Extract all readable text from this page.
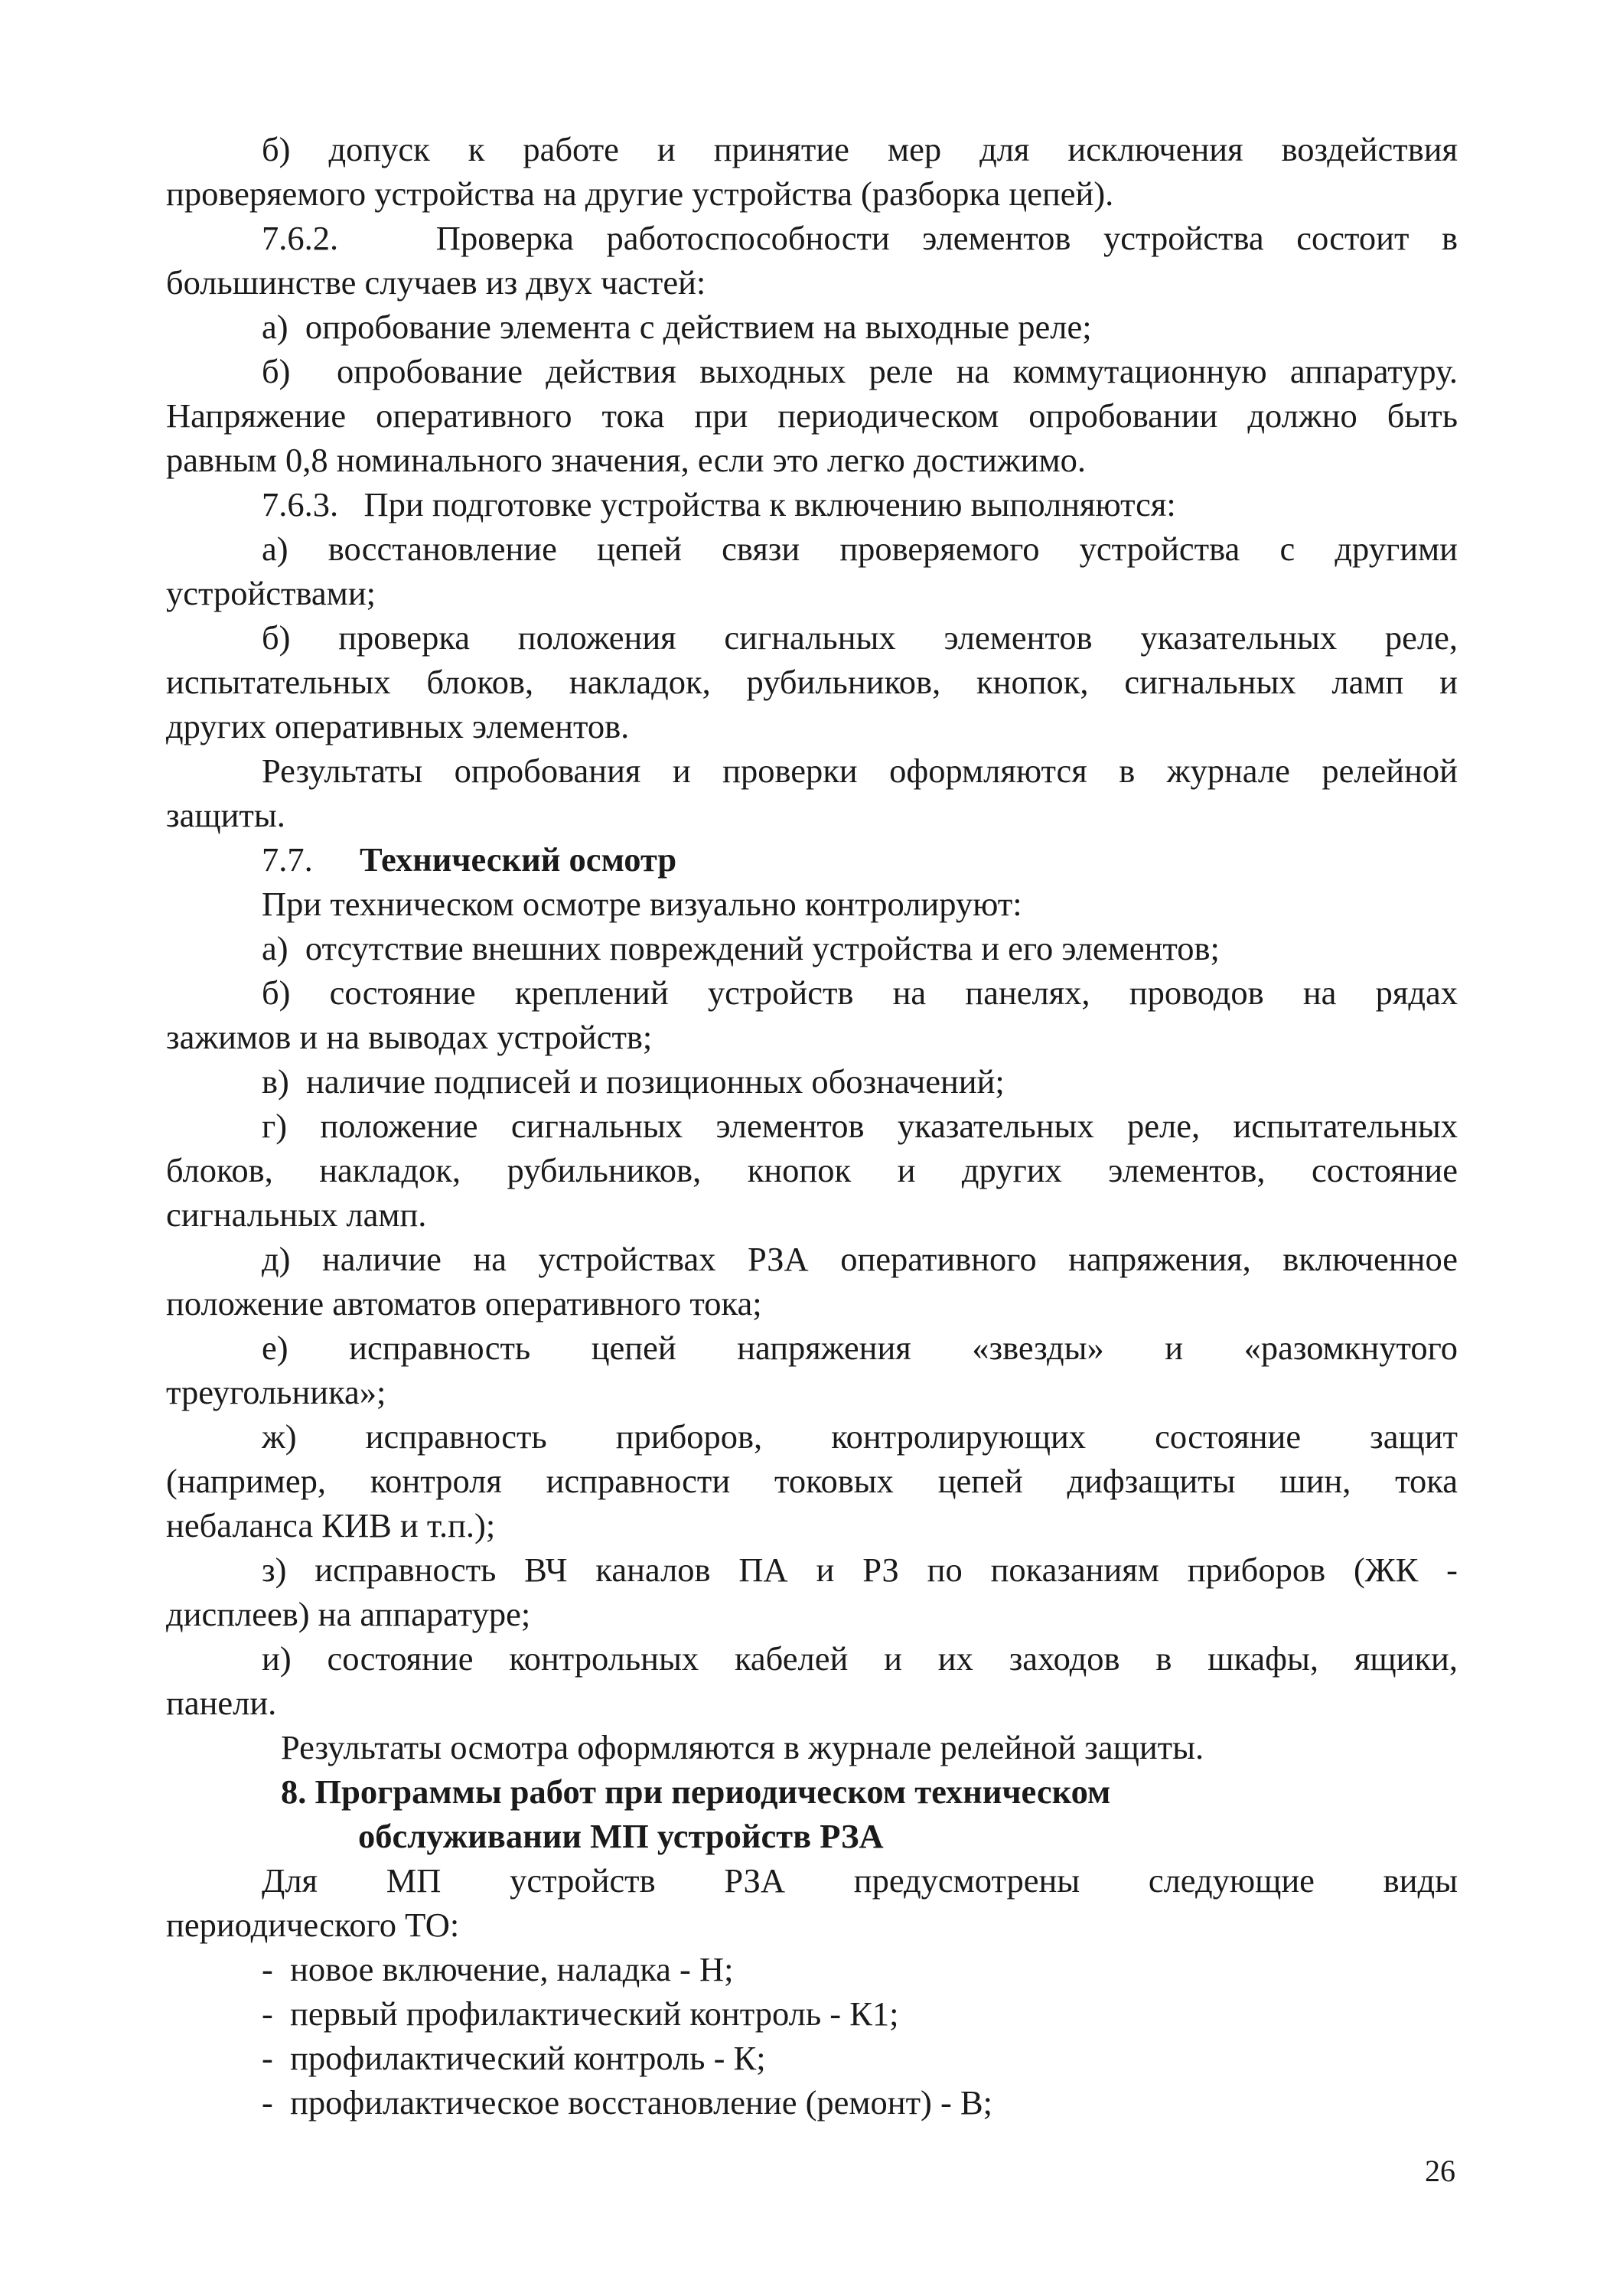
б) допуск к работе и принятие мер для исключения воздействия
проверяемого устройства на другие устройства (разборка цепей).
7.6.2.   Проверка работоспособности элементов устройства состоит в
большинстве случаев из двух частей:
а)  опробование элемента с действием на выходные реле;
б)  опробование действия выходных реле на коммутационную аппаратуру.
Напряжение оперативного тока при периодическом опробовании должно быть
равным 0,8 номинального значения, если это легко достижимо.
7.6.3.   При подготовке устройства к включению выполняются:
а) восстановление цепей связи проверяемого устройства с другими
устройствами;
б) проверка положения сигнальных элементов указательных реле,
испытательных блоков, накладок, рубильников, кнопок, сигнальных ламп и
других оперативных элементов.
Результаты опробования и проверки оформляются в журнале релейной
защиты.
7.7. Технический осмотр
При техническом осмотре визуально контролируют:
а)  отсутствие внешних повреждений устройства и его элементов;
б) состояние креплений устройств на панелях, проводов на рядах
зажимов и на выводах устройств;
в)  наличие подписей и позиционных обозначений;
г) положение сигнальных элементов указательных реле, испытательных
блоков, накладок, рубильников, кнопок и других элементов, состояние
сигнальных ламп.
д) наличие на устройствах РЗА оперативного напряжения, включенное
положение автоматов оперативного тока;
е) исправность цепей напряжения «звезды» и «разомкнутого
треугольника»;
ж) исправность приборов, контролирующих состояние защит
(например, контроля исправности токовых цепей дифзащиты шин, тока
небаланса КИВ и т.п.);
з) исправность ВЧ каналов ПА и РЗ по показаниям приборов (ЖК -
дисплеев) на аппаратуре;
и) состояние контрольных кабелей и их заходов в шкафы, ящики,
панели.
Результаты осмотра оформляются в журнале релейной защиты.
8. Программы работ при периодическом техническом
обслуживании МП устройств РЗА
Для МП устройств РЗА предусмотрены следующие виды
периодического ТО:
-  новое включение, наладка - Н;
-  первый профилактический контроль - К1;
-  профилактический контроль - К;
-  профилактическое восстановление (ремонт) - В;
26
